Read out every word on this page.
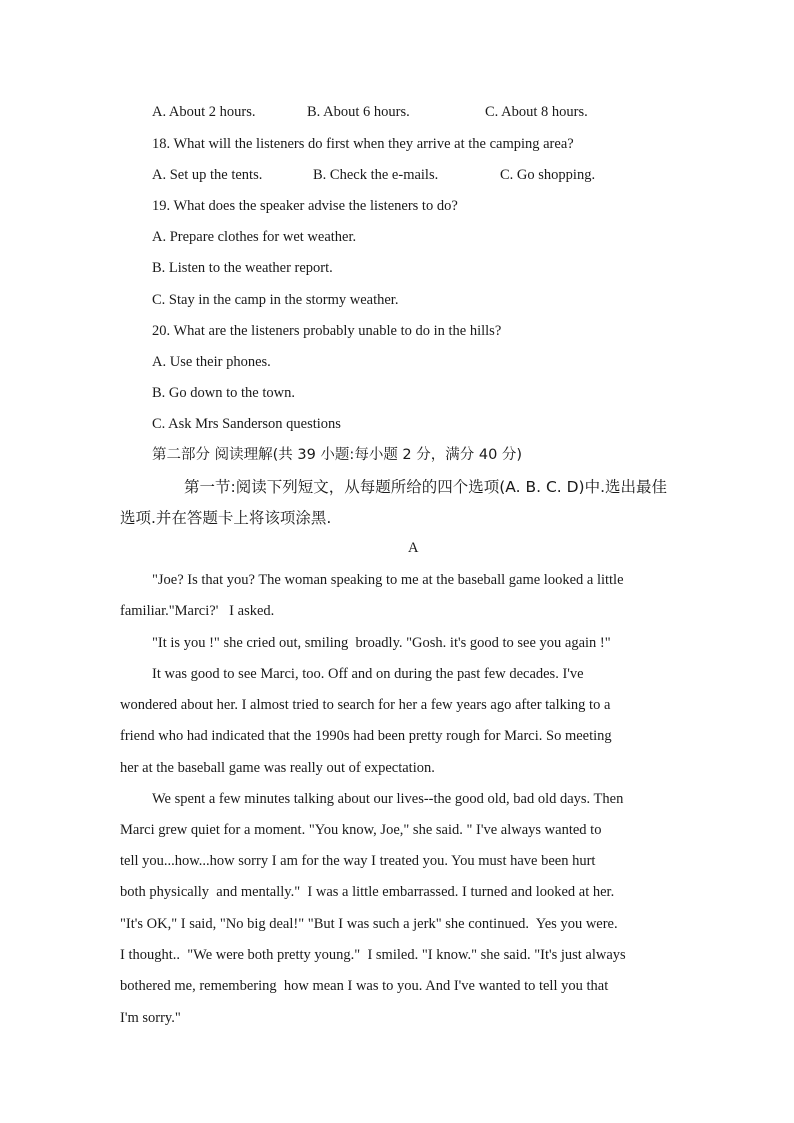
A. About 2 hours.	B. About 6 hours.	C. About 8 hours.
18. What will the listeners do first when they arrive at the camping area?
A. Set up the tents.	B. Check the e-mails.	C. Go shopping.
19. What does the speaker advise the listeners to do?
A. Prepare clothes for wet weather.
B. Listen to the weather report.
C. Stay in the camp in the stormy weather.
20. What are the listeners probably unable to do in the hills?
A. Use their phones.
B. Go down to the town.
C. Ask Mrs Sanderson questions
第二部分 阅读理解(共 39 小题:每小题 2 分，满分 40 分)
第一节:阅读下列短文，从每题所给的四个选项(A. B. C. D)中.选出最佳
选项.并在答题卡上将该项涂黑.
A
"Joe? Is that you? The woman speaking to me at the baseball game looked a little
familiar."Marci?'   I asked.
"It is you !" she cried out, smiling  broadly. "Gosh. it's good to see you again !"
It was good to see Marci, too. Off and on during the past few decades. I've
wondered about her. I almost tried to search for her a few years ago after talking to a
friend who had indicated that the 1990s had been pretty rough for Marci. So meeting
her at the baseball game was really out of expectation.
We spent a few minutes talking about our lives--the good old, bad old days. Then
Marci grew quiet for a moment. "You know, Joe," she said. " I've always wanted to
tell you...how...how sorry I am for the way I treated you. You must have been hurt
both physically  and mentally."  I was a little embarrassed. I turned and looked at her.
"It's OK," I said, "No big deal!" "But I was such a jerk" she continued.  Yes you were.
I thought..  "We were both pretty young."  I smiled. "I know." she said. "It's just always
bothered me, remembering  how mean I was to you. And I've wanted to tell you that
I'm sorry."
